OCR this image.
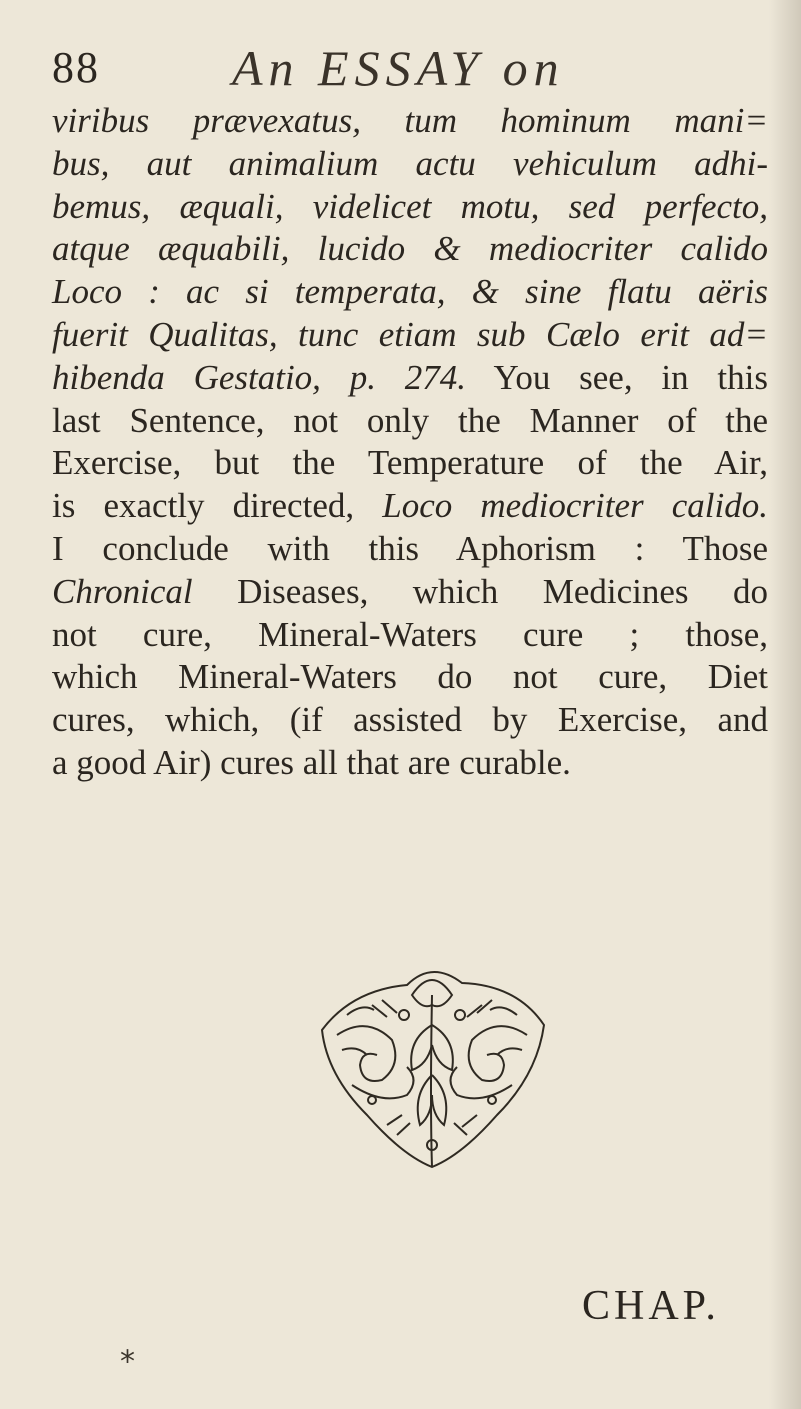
88	An ESSAY on
viribus prævexatus, tum hominum mani=
bus, aut animalium actu vehiculum adhi-
bemus, æquali, videlicet motu, sed perfecto,
atque æquabili, lucido & mediocriter calido
Loco : ac si temperata, & sine flatu aëris
fuerit Qualitas, tunc etiam sub Cælo erit ad=
hibenda Gestatio, p. 274. You see, in this
last Sentence, not only the Manner of the
Exercise, but the Temperature of the Air,
is exactly directed, Loco mediocriter calido.
I conclude with this Aphorism : Those
Chronical Diseases, which Medicines do
not cure, Mineral-Waters cure ; those,
which Mineral-Waters do not cure, Diet
cures, which, (if assisted by Exercise, and
a good Air) cures all that are curable.
CHAP.
⁎
